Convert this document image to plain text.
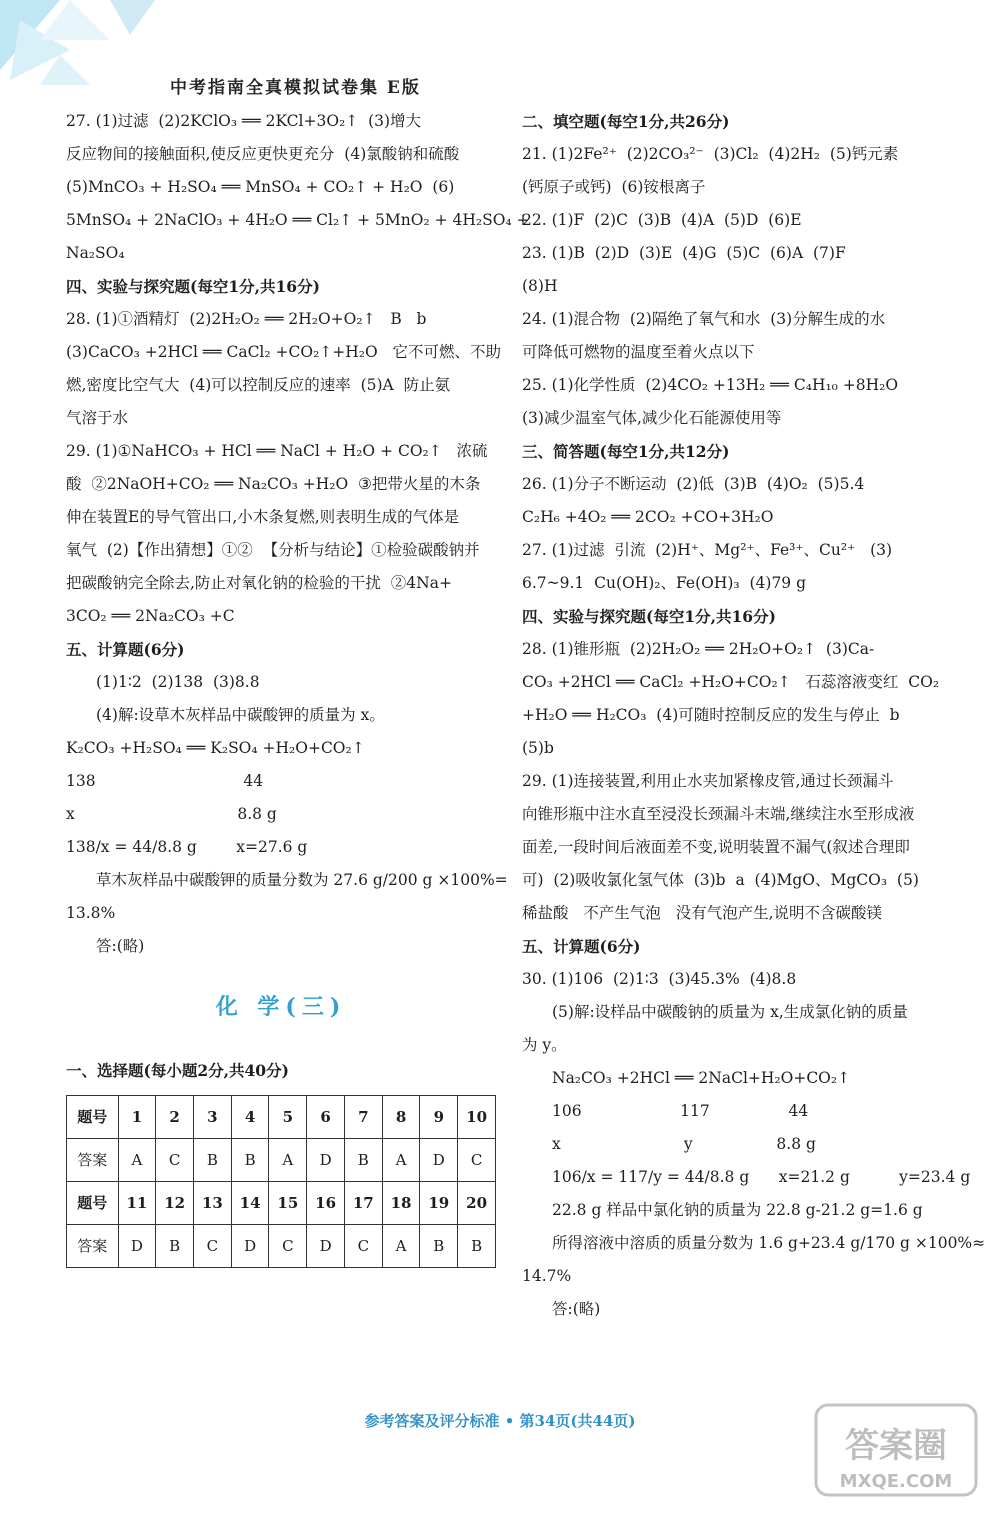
中考指南全真模拟试卷集 E版
27. (1)过滤  (2)2KClO₃ ══ 2KCl+3O₂↑  (3)增大
反应物间的接触面积,使反应更快更充分  (4)氯酸钠和硫酸
(5)MnCO₃ + H₂SO₄ ══ MnSO₄ + CO₂↑ + H₂O  (6)
5MnSO₄ + 2NaClO₃ + 4H₂O ══ Cl₂↑ + 5MnO₂ + 4H₂SO₄ +
Na₂SO₄
四、实验与探究题(每空1分,共16分)
28. (1)①酒精灯  (2)2H₂O₂ ══ 2H₂O+O₂↑   B   b
(3)CaCO₃ +2HCl ══ CaCl₂ +CO₂↑+H₂O   它不可燃、不助
燃,密度比空气大  (4)可以控制反应的速率  (5)A  防止氨
气溶于水
29. (1)①NaHCO₃ + HCl ══ NaCl + H₂O + CO₂↑   浓硫
酸  ②2NaOH+CO₂ ══ Na₂CO₃ +H₂O  ③把带火星的木条
伸在装置E的导气管出口,小木条复燃,则表明生成的气体是
氧气  (2)【作出猜想】①②  【分析与结论】①检验碳酸钠并
把碳酸钠完全除去,防止对氧化钠的检验的干扰  ②4Na+
3CO₂ ══ 2Na₂CO₃ +C
五、计算题(6分)
(1)1∶2  (2)138  (3)8.8
(4)解:设草木灰样品中碳酸钾的质量为 x。
K₂CO₃ +H₂SO₄ ══ K₂SO₄ +H₂O+CO₂↑
138                              44
x                                 8.8 g
138/x = 44/8.8 g        x=27.6 g
草木灰样品中碳酸钾的质量分数为 27.6 g/200 g ×100%=
13.8%
答:(略)
化 学(三)
一、选择题(每小题2分,共40分)
题号	1	2	3	4	5	6	7	8	9	10
答案	A	C	B	B	A	D	B	A	D	C
题号	11	12	13	14	15	16	17	18	19	20
答案	D	B	C	D	C	D	C	A	B	B
二、填空题(每空1分,共26分)
21. (1)2Fe²⁺  (2)2CO₃²⁻  (3)Cl₂  (4)2H₂  (5)钙元素
(钙原子或钙)  (6)铵根离子
22. (1)F  (2)C  (3)B  (4)A  (5)D  (6)E
23. (1)B  (2)D  (3)E  (4)G  (5)C  (6)A  (7)F
(8)H
24. (1)混合物  (2)隔绝了氧气和水  (3)分解生成的水
可降低可燃物的温度至着火点以下
25. (1)化学性质  (2)4CO₂ +13H₂ ══ C₄H₁₀ +8H₂O
(3)减少温室气体,减少化石能源使用等
三、简答题(每空1分,共12分)
26. (1)分子不断运动  (2)低  (3)B  (4)O₂  (5)5.4
C₂H₆ +4O₂ ══ 2CO₂ +CO+3H₂O
27. (1)过滤  引流  (2)H⁺、Mg²⁺、Fe³⁺、Cu²⁺   (3)
6.7~9.1  Cu(OH)₂、Fe(OH)₃  (4)79 g
四、实验与探究题(每空1分,共16分)
28. (1)锥形瓶  (2)2H₂O₂ ══ 2H₂O+O₂↑  (3)Ca-
CO₃ +2HCl ══ CaCl₂ +H₂O+CO₂↑   石蕊溶液变红  CO₂
+H₂O ══ H₂CO₃  (4)可随时控制反应的发生与停止  b
(5)b
29. (1)连接装置,利用止水夹加紧橡皮管,通过长颈漏斗
向锥形瓶中注水直至浸没长颈漏斗末端,继续注水至形成液
面差,一段时间后液面差不变,说明装置不漏气(叙述合理即
可)  (2)吸收氯化氢气体  (3)b  a  (4)MgO、MgCO₃  (5)
稀盐酸   不产生气泡   没有气泡产生,说明不含碳酸镁
五、计算题(6分)
30. (1)106  (2)1∶3  (3)45.3%  (4)8.8
(5)解:设样品中碳酸钠的质量为 x,生成氯化钠的质量
为 y。
Na₂CO₃ +2HCl ══ 2NaCl+H₂O+CO₂↑
106                    117                44
x                         y                 8.8 g
106/x = 117/y = 44/8.8 g      x=21.2 g          y=23.4 g
22.8 g 样品中氯化钠的质量为 22.8 g-21.2 g=1.6 g
所得溶液中溶质的质量分数为 1.6 g+23.4 g/170 g ×100%≈
14.7%
答:(略)
参考答案及评分标准 • 第34页(共44页)
答案圈
MXQE.COM
